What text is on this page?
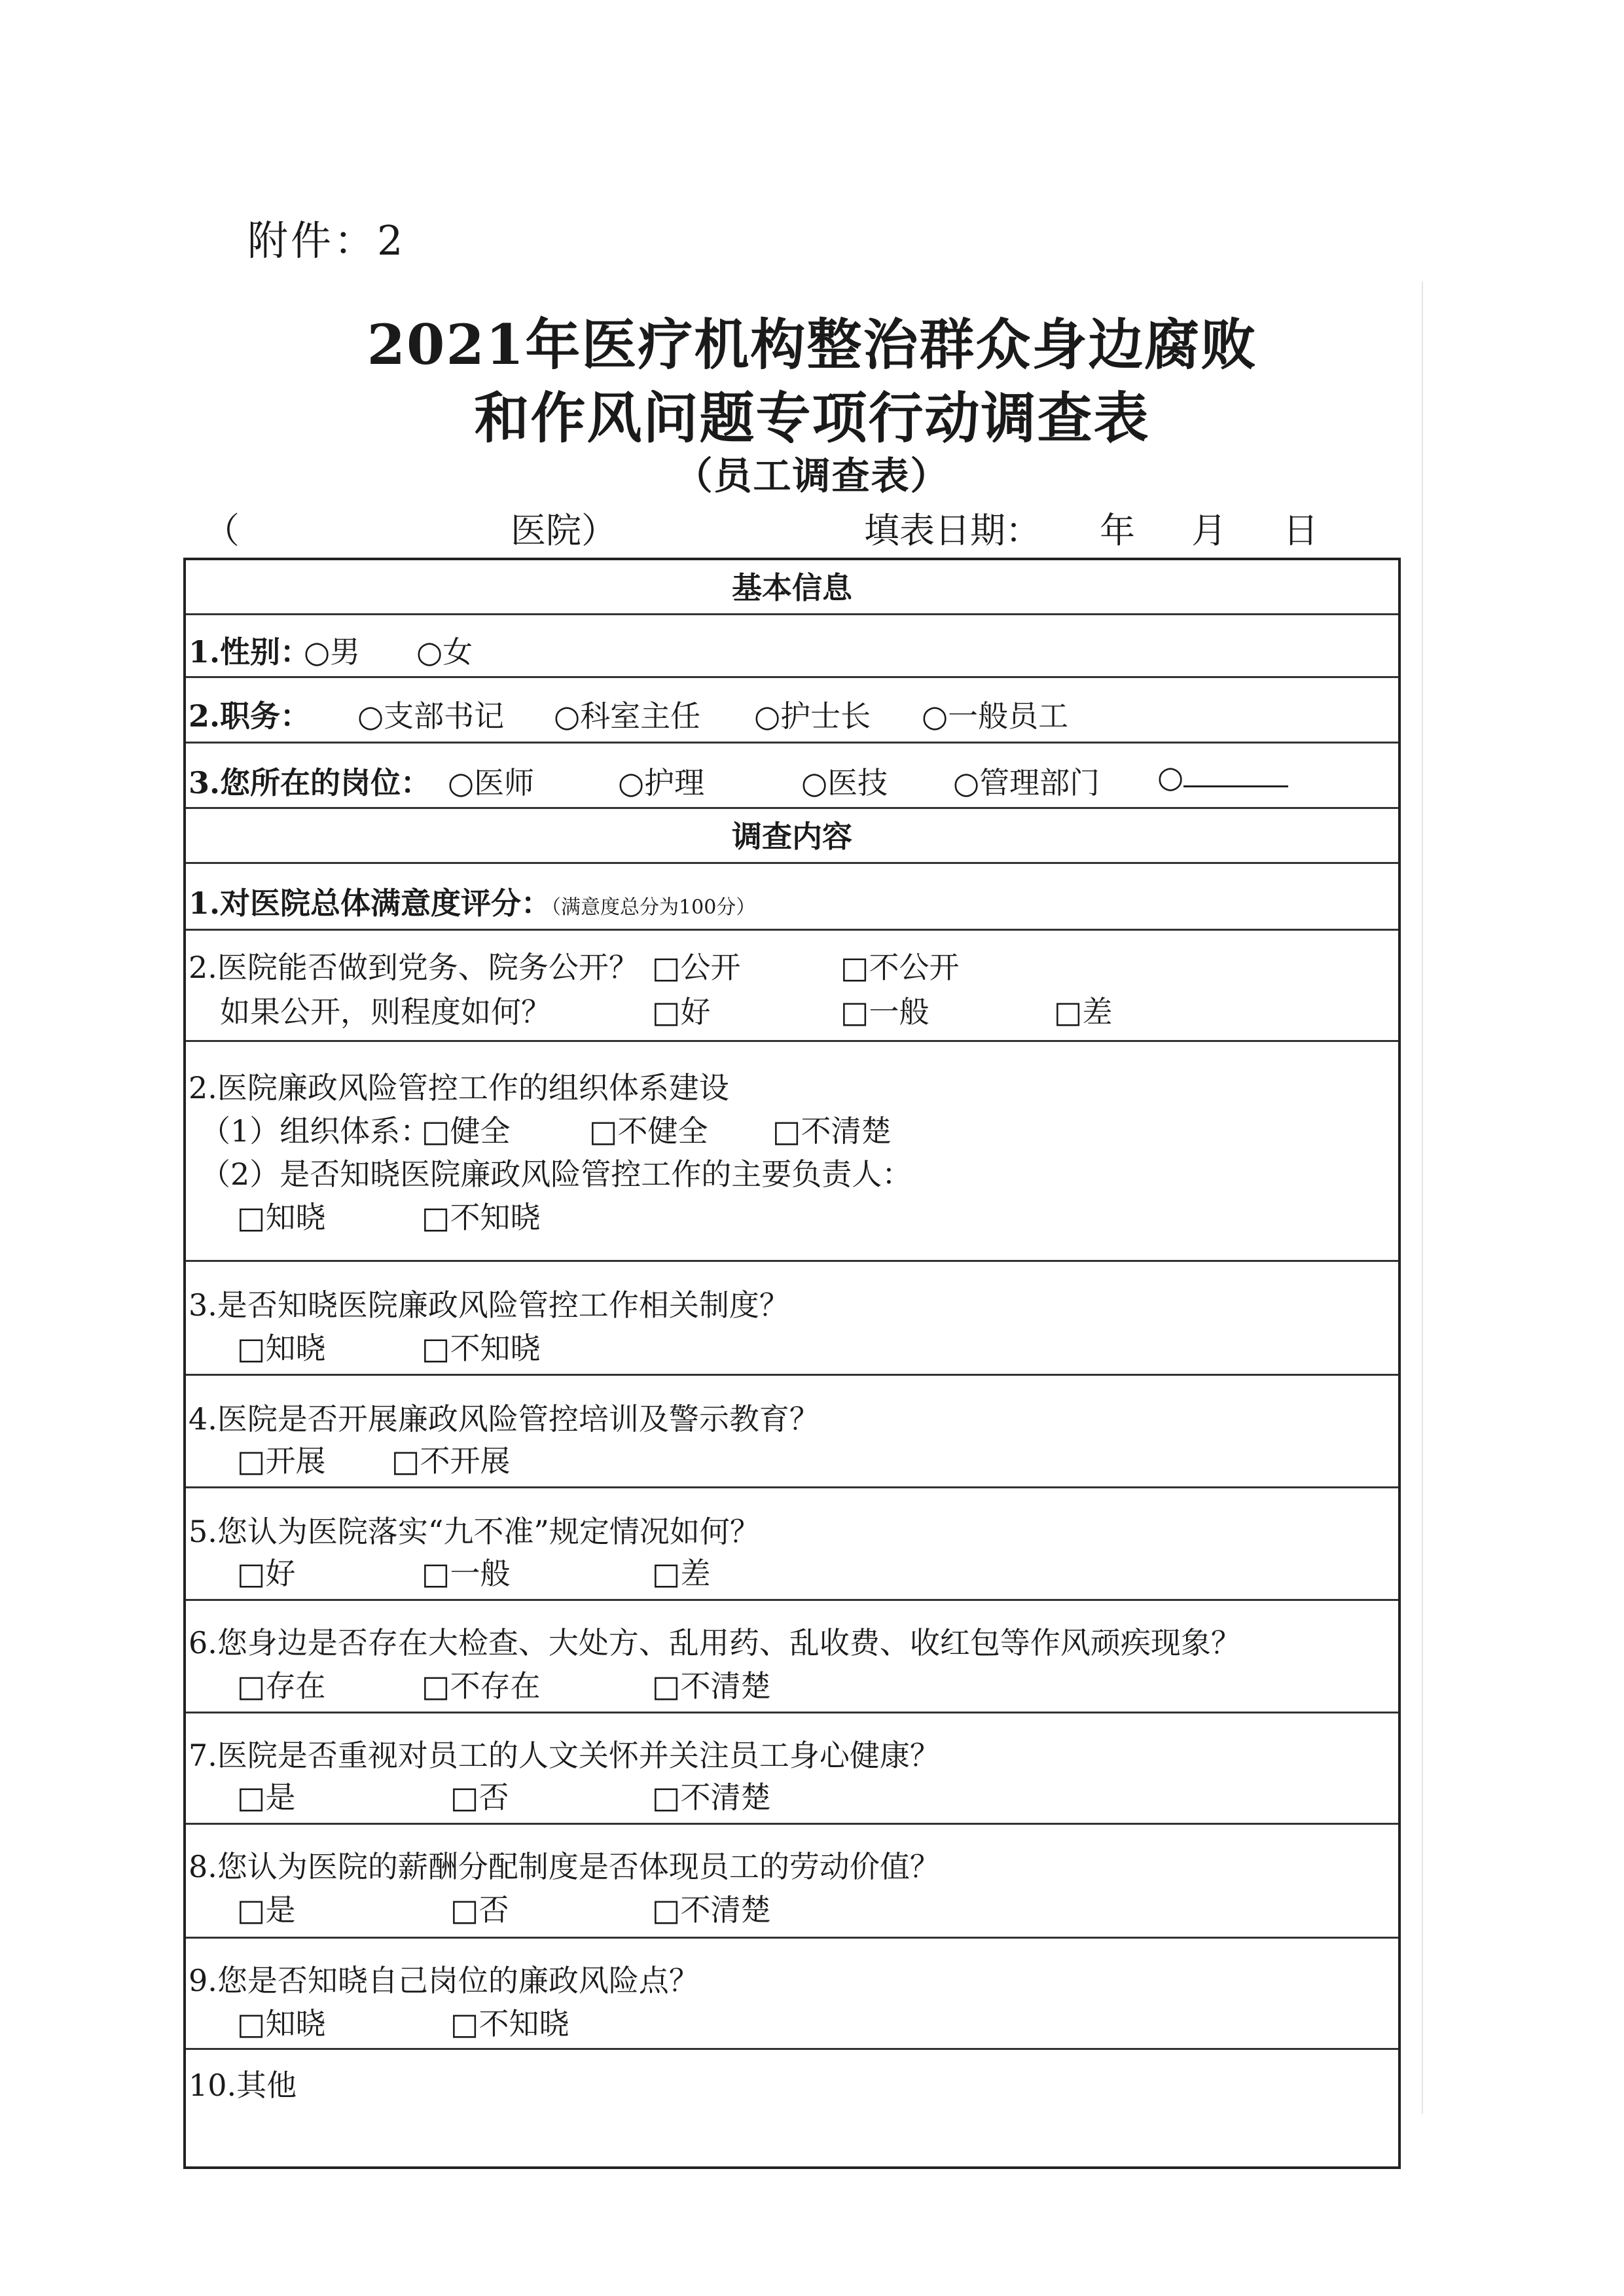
附件：2
2021年医疗机构整治群众身边腐败
和作风问题专项行动调查表
（员工调查表）
（	医院）	填表日期： 年 月 日
基本信息
1.性别：
○男 ○女
2.职务： ○支部书记 ○科室主任 ○护士长 ○一般员工
3.您所在的岗位： ○医师	○护理	○医技 ○管理部门 ○
调查内容
1.对医院总体满意度评分：（满意度总分为100分）
2.医院能否做到党务、院务公开？ □公开	□不公开
如果公开，则程度如何？	□好	□一般	□差
2.医院廉政风险管控工作的组织体系建设
（1）组织体系：
□健全	□不健全 □不清楚
（2）是否知晓医院廉政风险管控工作的主要负责人：
□知晓	□不知晓
3.是否知晓医院廉政风险管控工作相关制度？
□知晓	□不知晓
4.医院是否开展廉政风险管控培训及警示教育？
□开展 □不开展
5.您认为医院落实“九不准”规定情况如何？
□好	□一般	□差
6.您身边是否存在大检查、大处方、乱用药、乱收费、收红包等作风顽疾现象？
□存在	□不存在	□不清楚
7.医院是否重视对员工的人文关怀并关注员工身心健康？
□是	□否	□不清楚
8.您认为医院的薪酬分配制度是否体现员工的劳动价值？
□是	□否	□不清楚
9.您是否知晓自己岗位的廉政风险点？
□知晓	□不知晓
10.其他
